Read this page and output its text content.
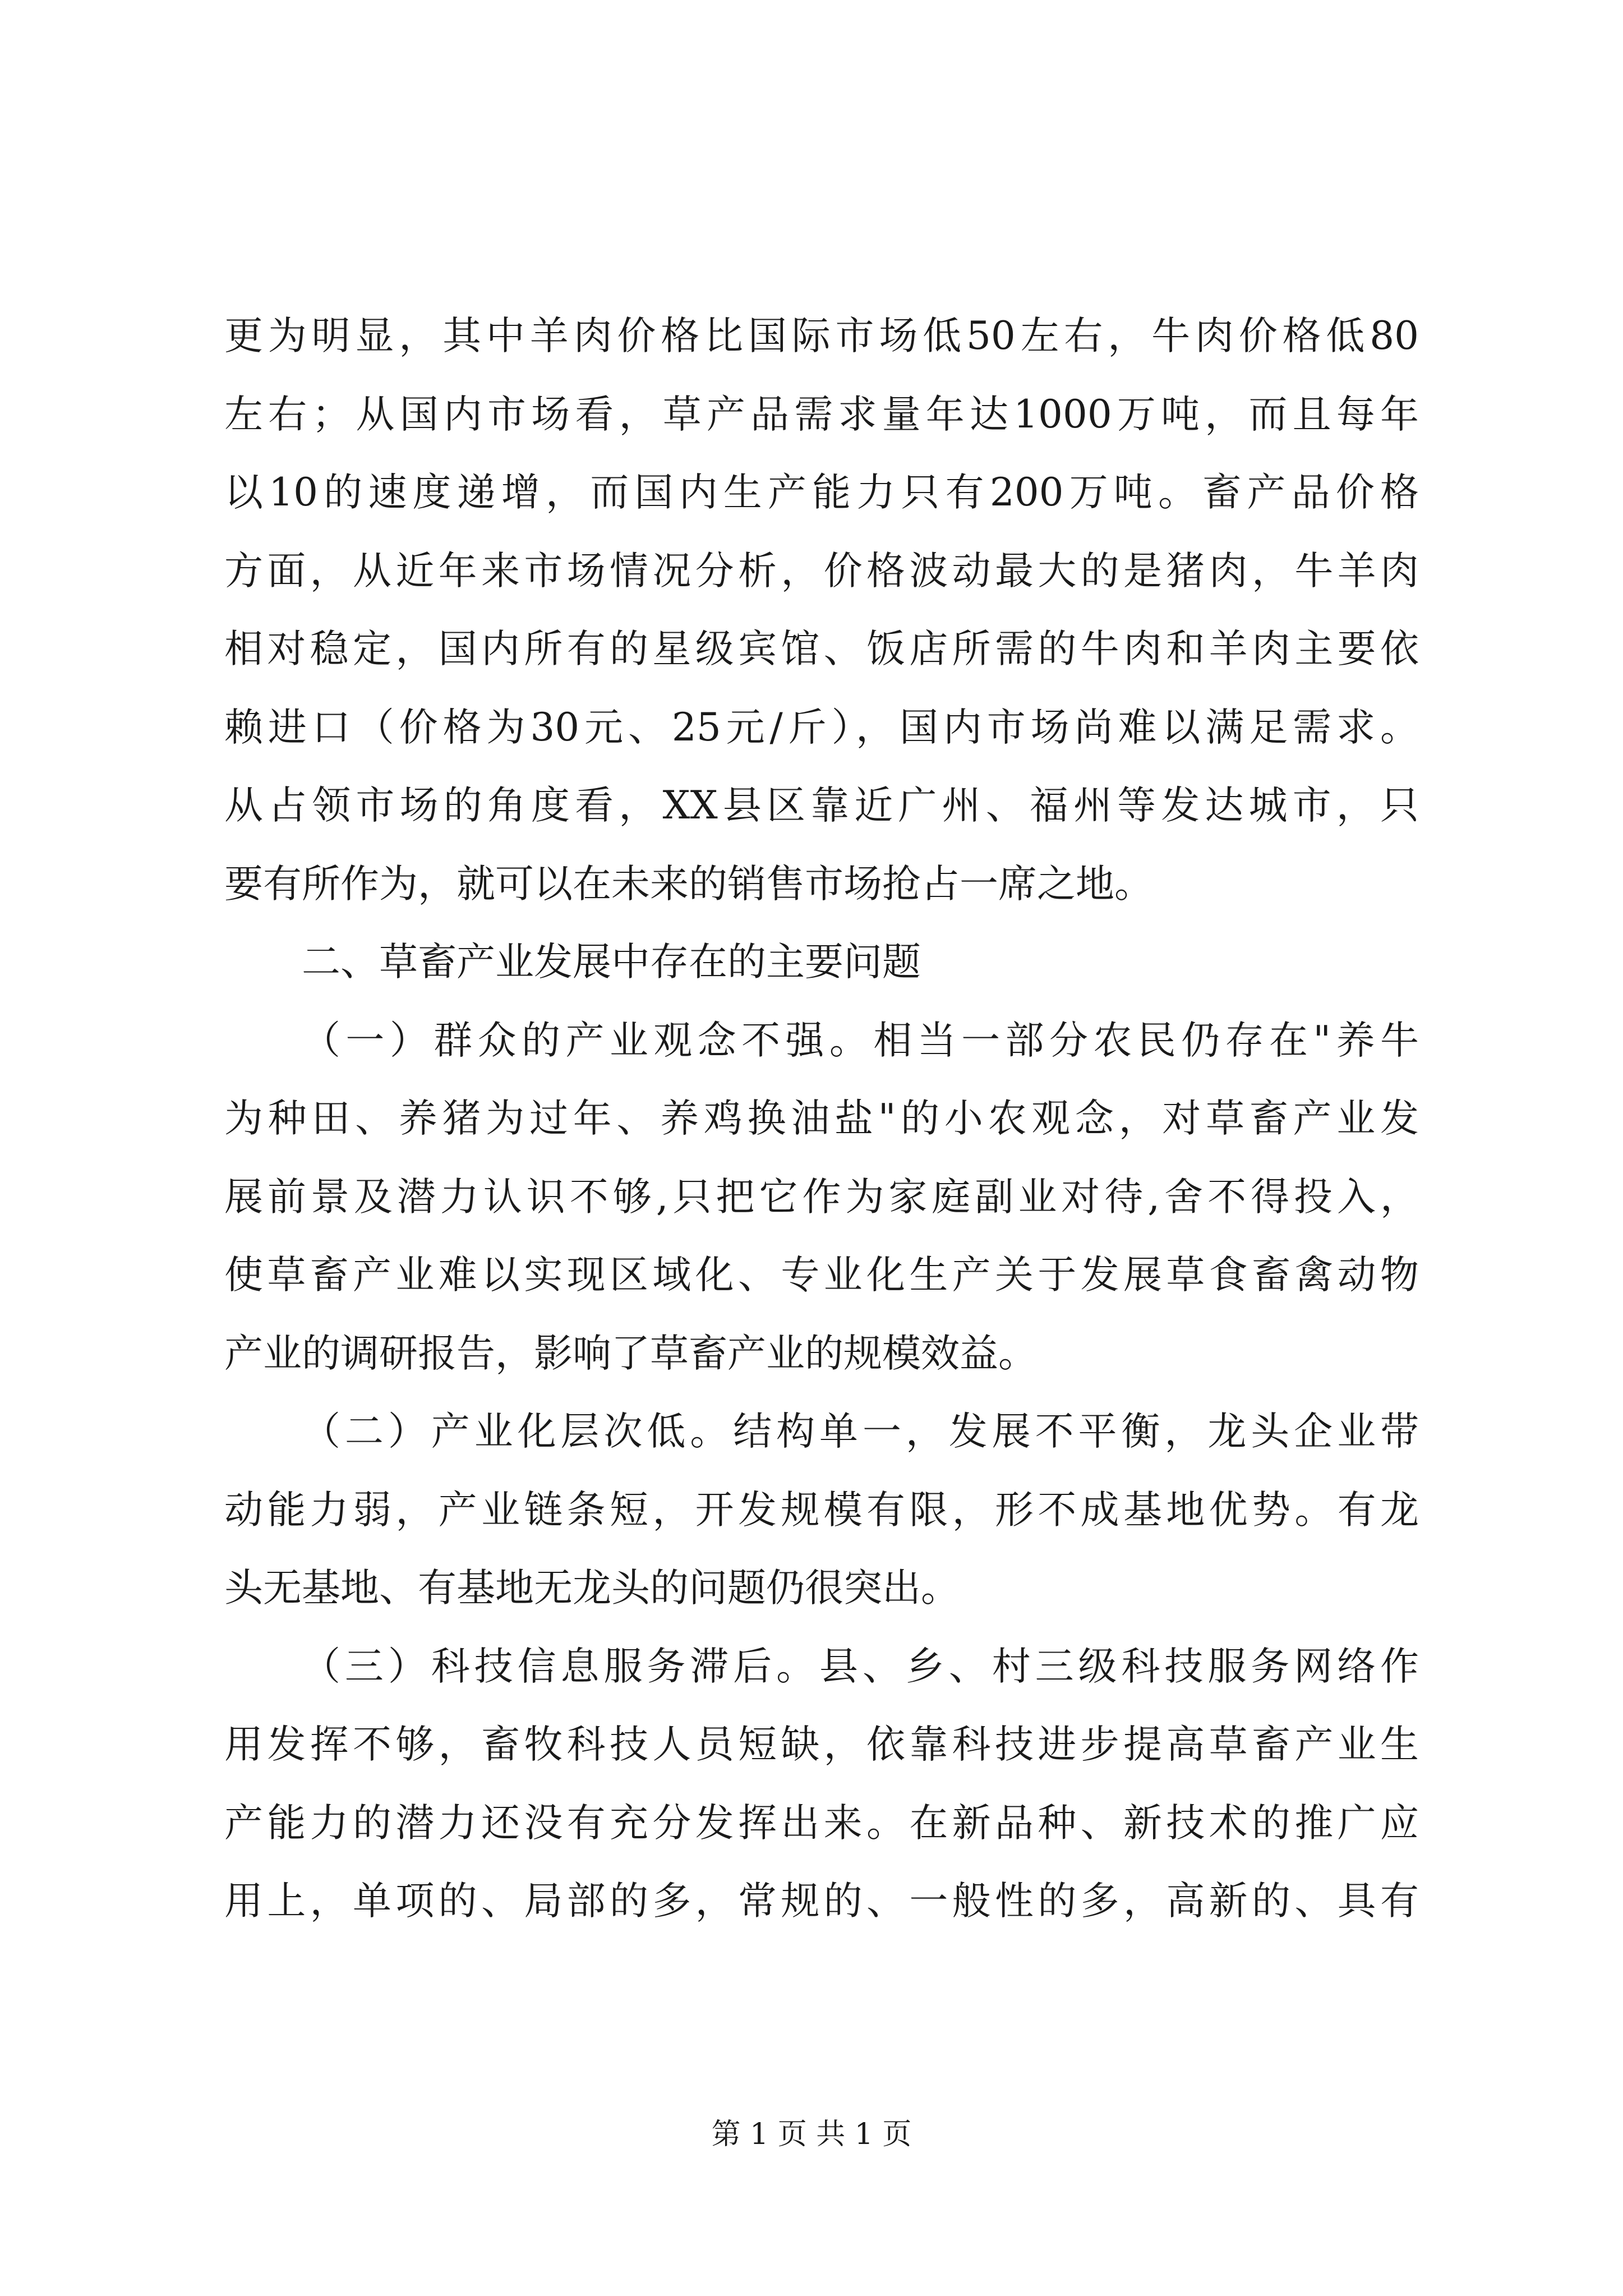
更为明显，其中羊肉价格比国际市场低50左右，牛肉价格低80
左右；从国内市场看，草产品需求量年达1000万吨，而且每年
以10的速度递增，而国内生产能力只有200万吨。畜产品价格
方面，从近年来市场情况分析，价格波动最大的是猪肉，牛羊肉
相对稳定，国内所有的星级宾馆、饭店所需的牛肉和羊肉主要依
赖进口（价格为30元、25元/斤），国内市场尚难以满足需求。
从占领市场的角度看，XX县区靠近广州、福州等发达城市，只
要有所作为，就可以在未来的销售市场抢占一席之地。
二、草畜产业发展中存在的主要问题
（一）群众的产业观念不强。相当一部分农民仍存在"养牛
为种田、养猪为过年、养鸡换油盐"的小农观念，对草畜产业发
展前景及潜力认识不够,只把它作为家庭副业对待,舍不得投入，
使草畜产业难以实现区域化、专业化生产关于发展草食畜禽动物
产业的调研报告，影响了草畜产业的规模效益。
（二）产业化层次低。结构单一，发展不平衡，龙头企业带
动能力弱，产业链条短，开发规模有限，形不成基地优势。有龙
头无基地、有基地无龙头的问题仍很突出。
（三）科技信息服务滞后。县、乡、村三级科技服务网络作
用发挥不够，畜牧科技人员短缺，依靠科技进步提高草畜产业生
产能力的潜力还没有充分发挥出来。在新品种、新技术的推广应
用上，单项的、局部的多，常规的、一般性的多，高新的、具有
第 1 页 共 1 页
